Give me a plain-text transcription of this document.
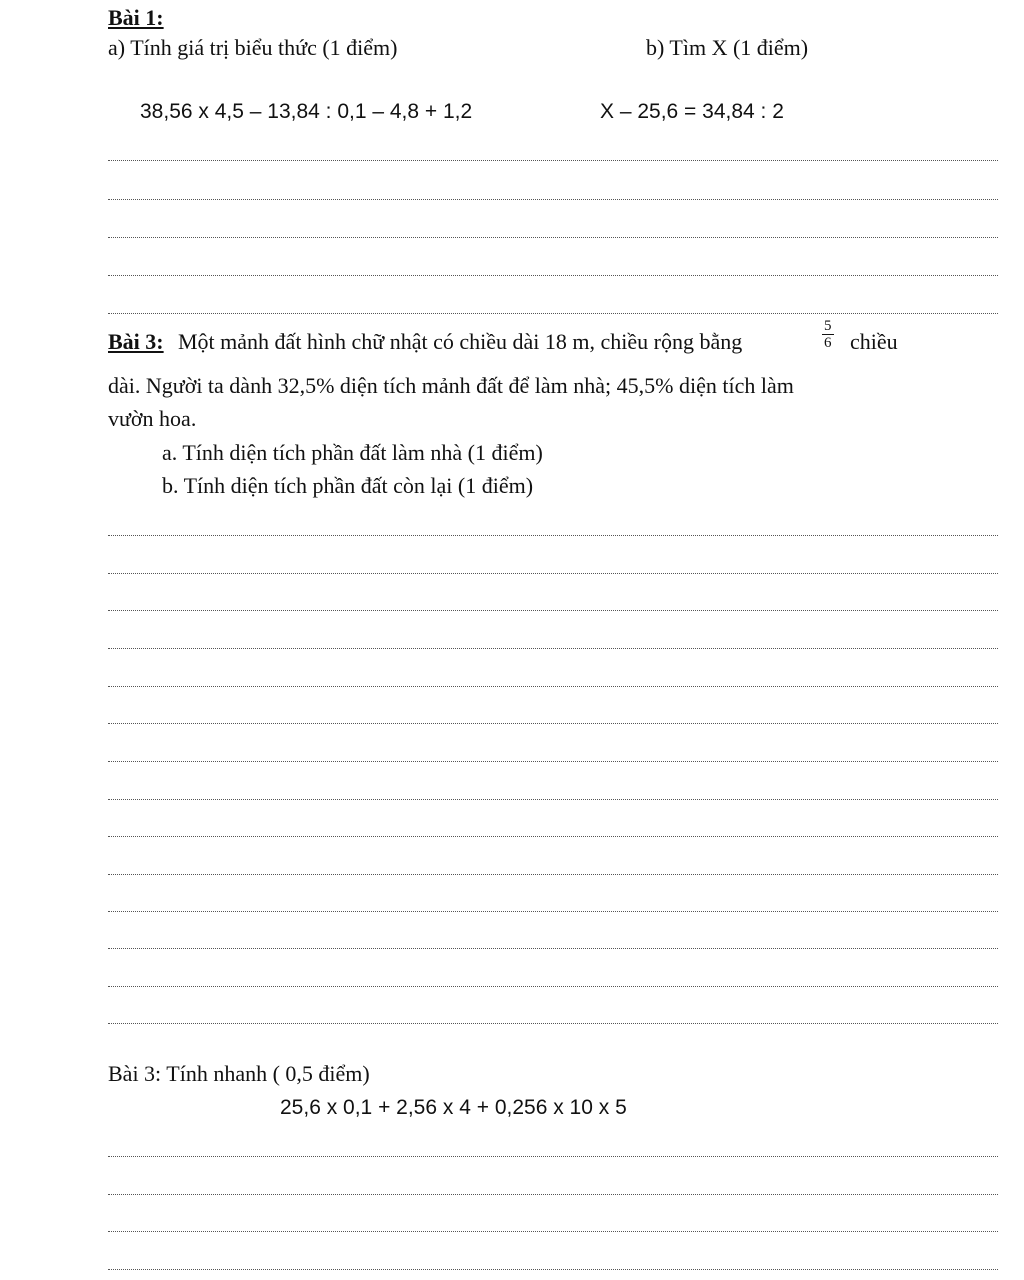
Bài 1:
a) Tính giá trị biểu thức (1 điểm)	b) Tìm X (1 điểm)
38,56 x 4,5 – 13,84 : 0,1 – 4,8 + 1,2	X – 25,6 = 34,84 : 2
Bài 3: Một mảnh đất hình chữ nhật có chiều dài 18 m, chiều rộng bằng	$\frac{5}{6}$ chiều
dài. Người ta dành 32,5% diện tích mảnh đất để làm nhà; 45,5% diện tích làm
vườn hoa.
a. Tính diện tích phần đất làm nhà (1 điểm)
b. Tính diện tích phần đất còn lại (1 điểm)
Bài 3: Tính nhanh ( 0,5 điểm)
25,6 x 0,1 + 2,56 x 4 + 0,256 x 10 x 5
